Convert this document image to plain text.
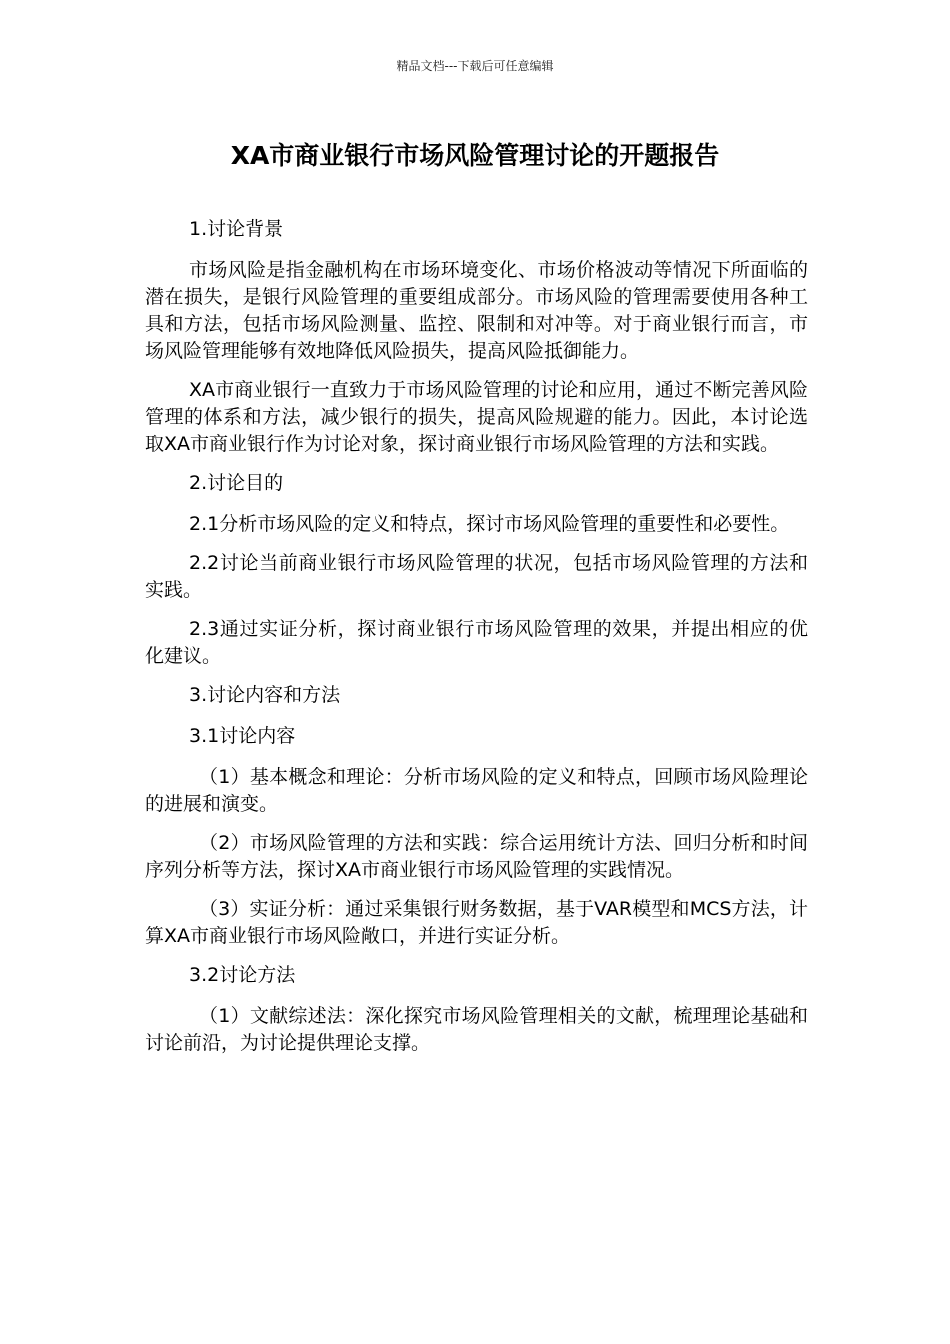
精品文档---下载后可任意编辑
XA市商业银行市场风险管理讨论的开题报告

1.讨论背景

市场风险是指金融机构在市场环境变化、市场价格波动等情况下所面临的潜在损失，是银行风险管理的重要组成部分。市场风险的管理需要使用各种工具和方法，包括市场风险测量、监控、限制和对冲等。对于商业银行而言，市场风险管理能够有效地降低风险损失，提高风险抵御能力。

XA市商业银行一直致力于市场风险管理的讨论和应用，通过不断完善风险管理的体系和方法，减少银行的损失，提高风险规避的能力。因此，本讨论选取XA市商业银行作为讨论对象，探讨商业银行市场风险管理的方法和实践。

2.讨论目的

2.1分析市场风险的定义和特点，探讨市场风险管理的重要性和必要性。

2.2讨论当前商业银行市场风险管理的状况，包括市场风险管理的方法和实践。

2.3通过实证分析，探讨商业银行市场风险管理的效果，并提出相应的优化建议。

3.讨论内容和方法

3.1讨论内容

（1）基本概念和理论：分析市场风险的定义和特点，回顾市场风险理论的进展和演变。

（2）市场风险管理的方法和实践：综合运用统计方法、回归分析和时间序列分析等方法，探讨XA市商业银行市场风险管理的实践情况。

（3）实证分析：通过采集银行财务数据，基于VAR模型和MCS方法，计算XA市商业银行市场风险敞口，并进行实证分析。

3.2讨论方法

（1）文献综述法：深化探究市场风险管理相关的文献，梳理理论基础和讨论前沿，为讨论提供理论支撑。
